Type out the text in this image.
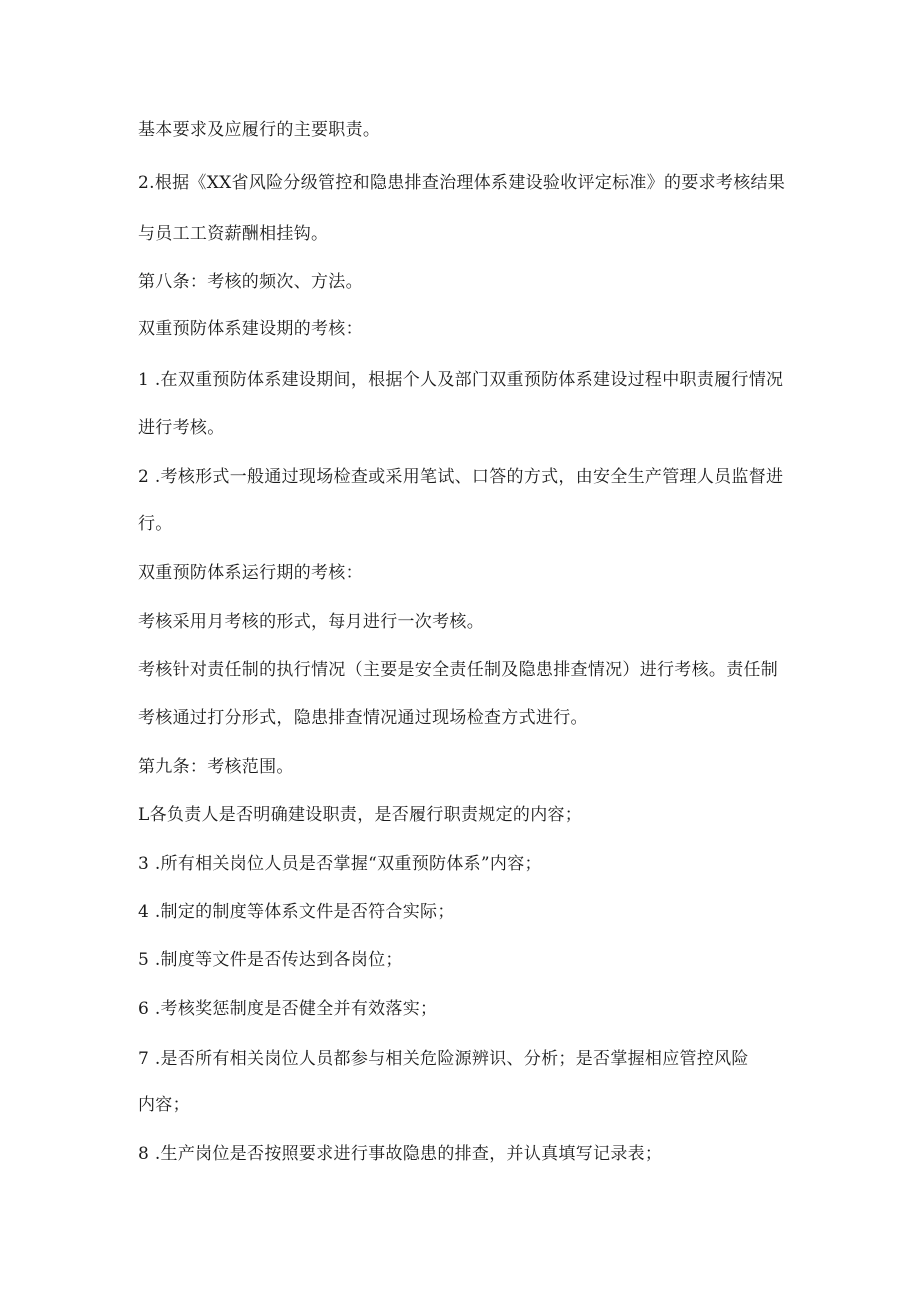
基本要求及应履行的主要职责。
2.根据《XX省风险分级管控和隐患排查治理体系建设验收评定标准》的要求考核结果
与员工工资薪酬相挂钩。
第八条：考核的频次、方法。
双重预防体系建设期的考核：
1 .在双重预防体系建设期间，根据个人及部门双重预防体系建设过程中职责履行情况
进行考核。
2 .考核形式一般通过现场检查或采用笔试、口答的方式，由安全生产管理人员监督进
行。
双重预防体系运行期的考核：
考核采用月考核的形式，每月进行一次考核。
考核针对责任制的执行情况（主要是安全责任制及隐患排查情况）进行考核。责任制
考核通过打分形式，隐患排查情况通过现场检查方式进行。
第九条：考核范围。
L各负责人是否明确建设职责，是否履行职责规定的内容；
3 .所有相关岗位人员是否掌握“双重预防体系”内容；
4 .制定的制度等体系文件是否符合实际；
5 .制度等文件是否传达到各岗位；
6 .考核奖惩制度是否健全并有效落实；
7 .是否所有相关岗位人员都参与相关危险源辨识、分析；是否掌握相应管控风险
内容；
8 .生产岗位是否按照要求进行事故隐患的排查，并认真填写记录表；
